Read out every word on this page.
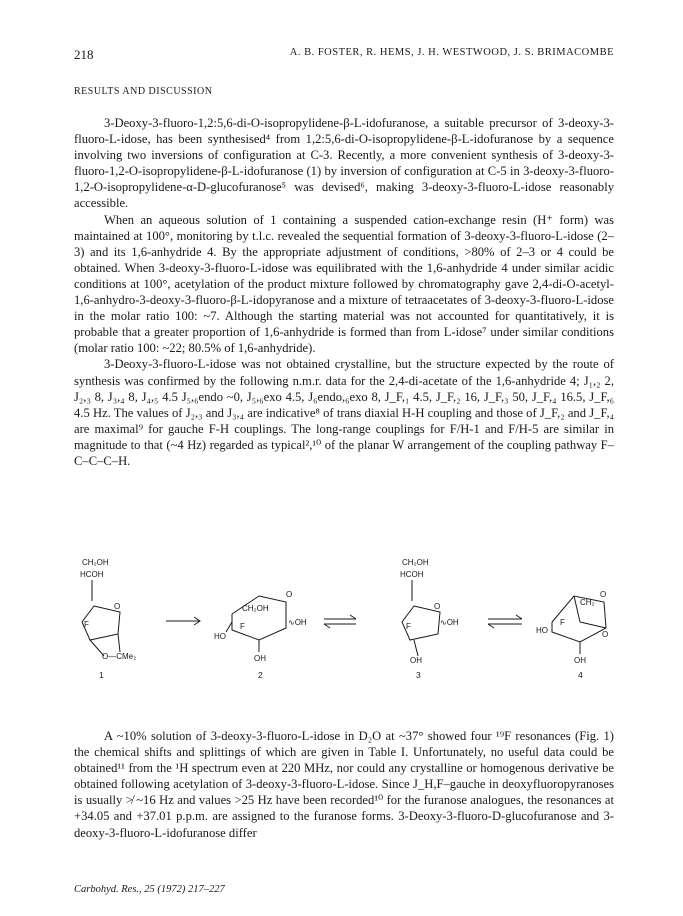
218	A. B. FOSTER, R. HEMS, J. H. WESTWOOD, J. S. BRIMACOMBE
RESULTS AND DISCUSSION

3-Deoxy-3-fluoro-1,2:5,6-di-O-isopropylidene-β-L-idofuranose, a suitable precursor of 3-deoxy-3-fluoro-L-idose, has been synthesised⁴ from 1,2:5,6-di-O-isopropylidene-β-L-idofuranose by a sequence involving two inversions of configuration at C-3. Recently, a more convenient synthesis of 3-deoxy-3-fluoro-1,2-O-isopropylidene-β-L-idofuranose (1) by inversion of configuration at C-5 in 3-deoxy-3-fluoro-1,2-O-isopropylidene-α-D-glucofuranose⁵ was devised⁶, making 3-deoxy-3-fluoro-L-idose reasonably accessible.

When an aqueous solution of 1 containing a suspended cation-exchange resin (H⁺ form) was maintained at 100°, monitoring by t.l.c. revealed the sequential formation of 3-deoxy-3-fluoro-L-idose (2–3) and its 1,6-anhydride 4. By the appropriate adjustment of conditions, >80% of 2–3 or 4 could be obtained. When 3-deoxy-3-fluoro-L-idose was equilibrated with the 1,6-anhydride 4 under similar acidic conditions at 100°, acetylation of the product mixture followed by chromatography gave 2,4-di-O-acetyl-1,6-anhydro-3-deoxy-3-fluoro-β-L-idopyranose and a mixture of tetraacetates of 3-deoxy-3-fluoro-L-idose in the molar ratio 100: ~7. Although the starting material was not accounted for quantitatively, it is probable that a greater proportion of 1,6-anhydride is formed than from L-idose⁷ under similar conditions (molar ratio 100: ~22; 80.5% of 1,6-anhydride).

3-Deoxy-3-fluoro-L-idose was not obtained crystalline, but the structure expected by the route of synthesis was confirmed by the following n.m.r. data for the 2,4-di-acetate of the 1,6-anhydride 4; J₁,₂ 2, J₂,₃ 8, J₃,₄ 8, J₄,₅ 4.5 J₅,₆endo ~0, J₅,₆exo 4.5, J₆endo,₆exo 8, J_F,₁ 4.5, J_F,₂ 16, J_F,₃ 50, J_F,₄ 16.5, J_F,₆ 4.5 Hz. The values of J₂,₃ and J₃,₄ are indicative⁸ of trans diaxial H-H coupling and those of J_F,₂ and J_F,₄ are maximal⁹ for gauche F-H couplings. The long-range couplings for F/H-1 and F/H-5 are similar in magnitude to that (~4 Hz) regarded as typical²,¹⁰ of the planar W arrangement of the coupling pathway F–C–C–C–H.

CH₂OH
HCOH
O
F
O—CMe₂
CH₂OH
O
∿OH
HO
F
OH
CH₂OH
HCOH
O
∿OH
F
OH
CH₂
O
O
HO
F
OH
1	2	3	4

A ~10% solution of 3-deoxy-3-fluoro-L-idose in D₂O at ~37° showed four ¹⁹F resonances (Fig. 1) the chemical shifts and splittings of which are given in Table I. Unfortunately, no useful data could be obtained¹¹ from the ¹H spectrum even at 220 MHz, nor could any crystalline or homogenous derivative be obtained following acetylation of 3-deoxy-3-fluoro-L-idose. Since J_H,F–gauche in deoxyfluoropyranoses is usually ≯ ~16 Hz and values >25 Hz have been recorded¹⁰ for the furanose analogues, the resonances at +34.05 and +37.01 p.p.m. are assigned to the furanose forms. 3-Deoxy-3-fluoro-D-glucofuranose and 3-deoxy-3-fluoro-L-idofuranose differ

Carbohyd. Res., 25 (1972) 217–227
